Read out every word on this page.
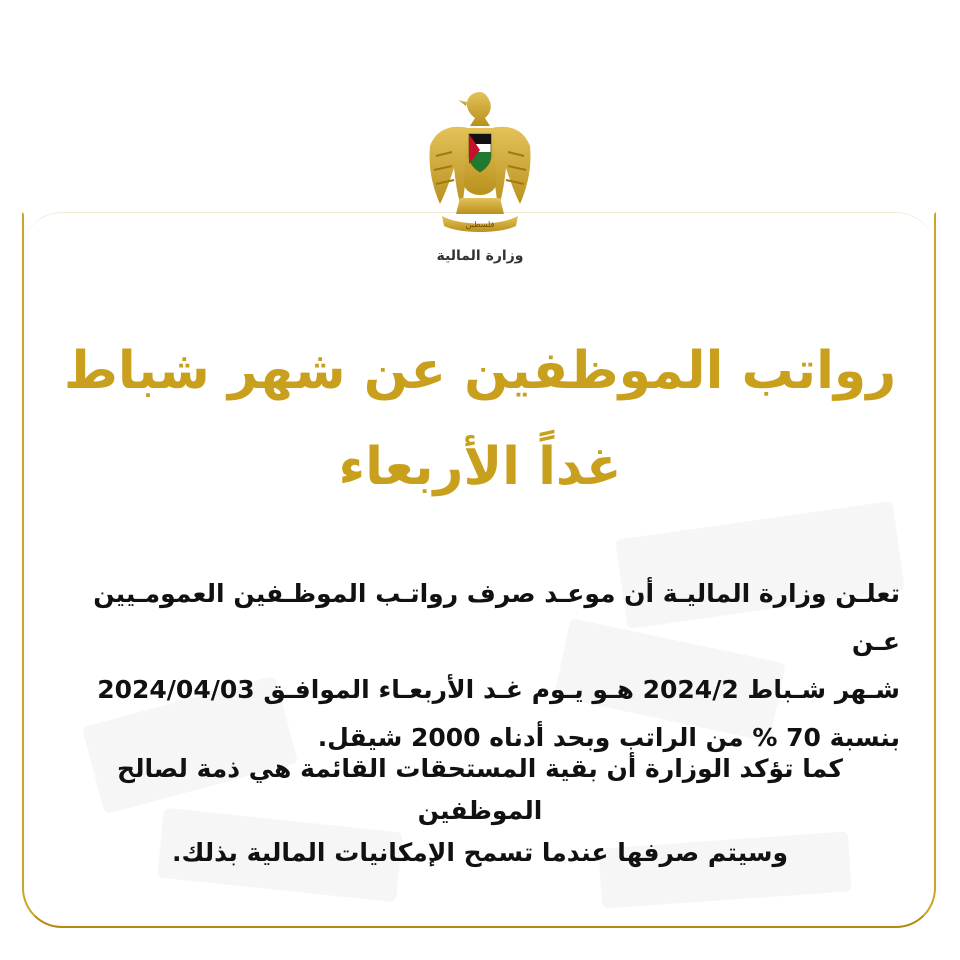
فلسطين
وزارة المالية
رواتب الموظفين عن شهر شباط
غداً الأربعاء
تعلـن وزارة الماليـة أن موعـد صرف رواتـب الموظـفين العمومـيين عـن
شـهر شـباط 2024/2 هـو يـوم غـد الأربعـاء الموافـق 2024/04/03
بنسبة 70 % من الراتب وبحد أدناه 2000 شيقل.
كما تؤكد الوزارة أن بقية المستحقات القائمة هي ذمة لصالح الموظفين
وسيتم صرفها عندما تسمح الإمكانيات المالية بذلك.
